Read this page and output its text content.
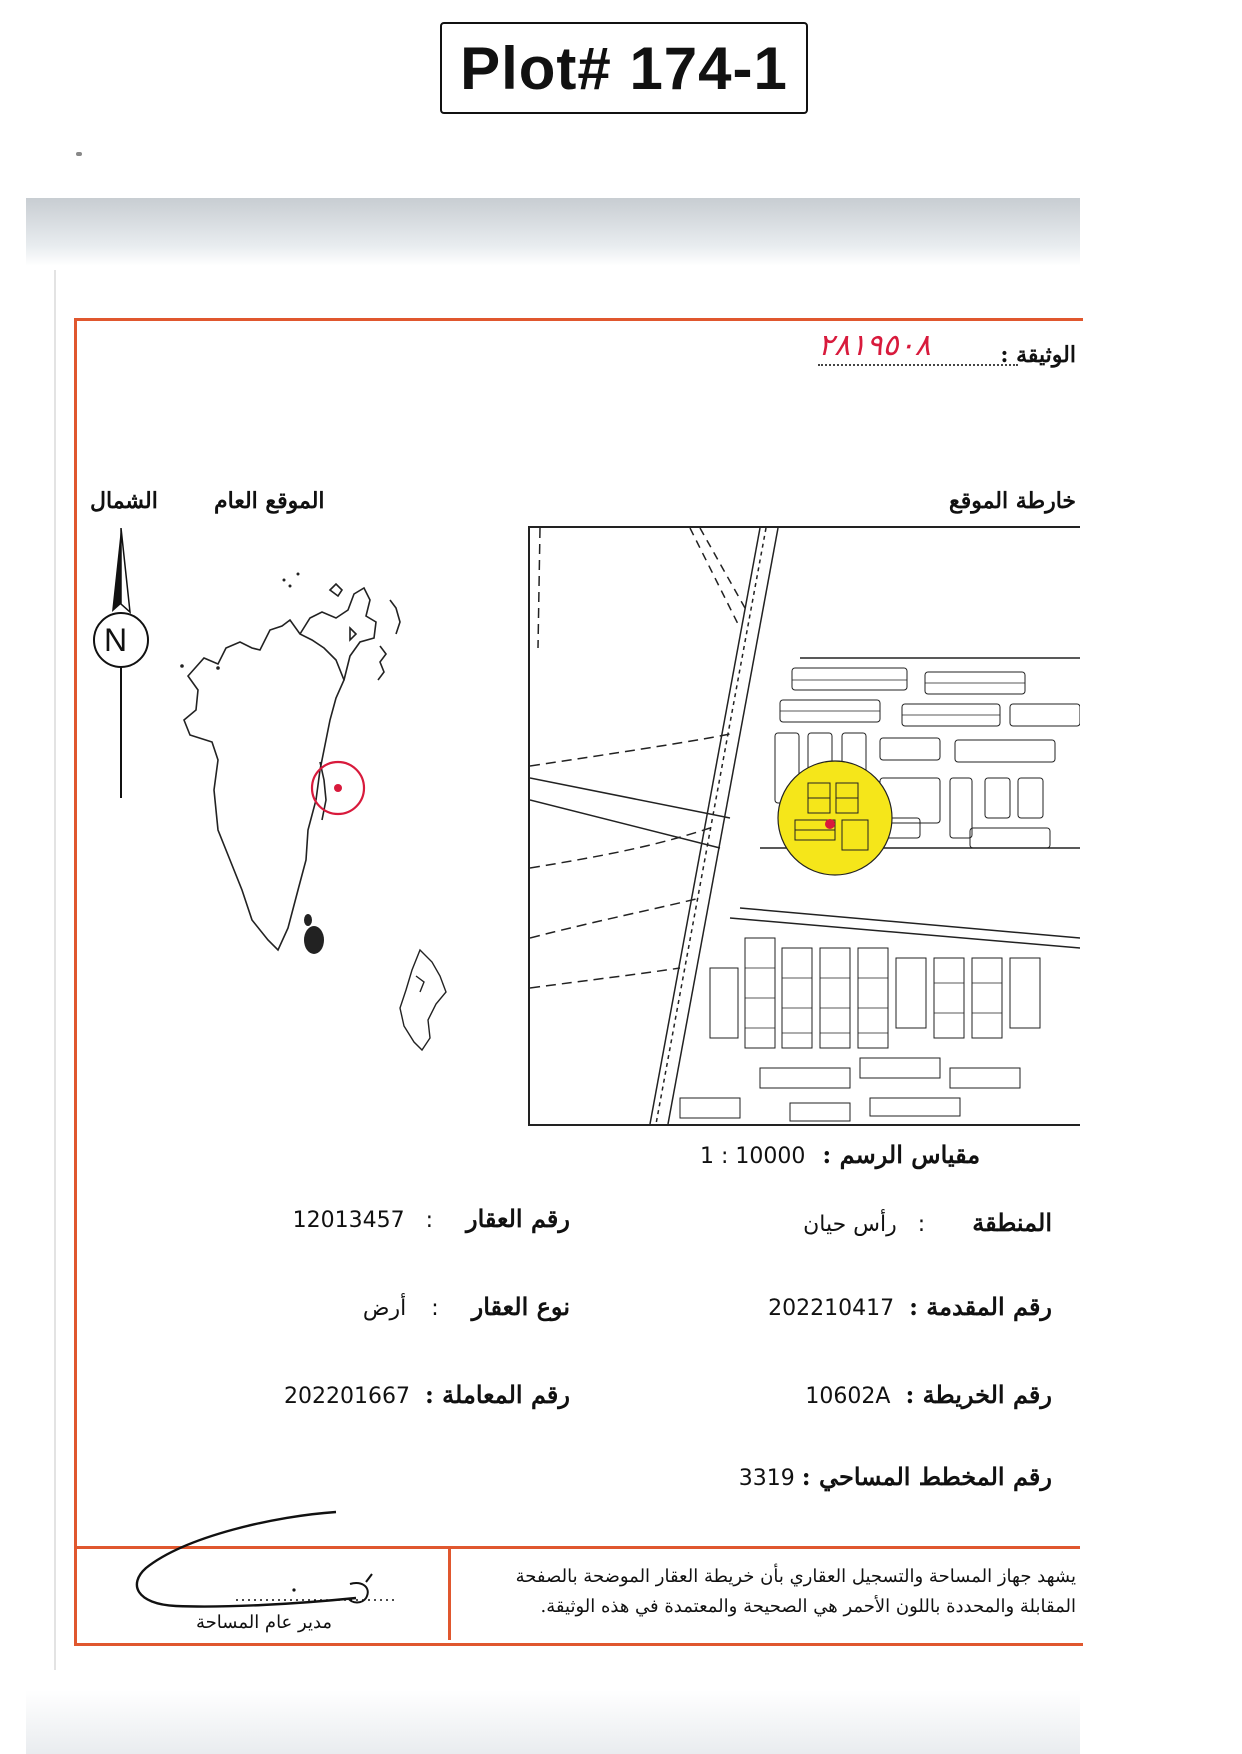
Plot# 174-1
الوثيقة :
٢٨١٩٥٠٨
خارطة الموقع
الموقع العام
الشمال
N
1 : 10000 مقياس الرسم :
المنطقة : رأس حيان
رقم المقدمة : 202210417
رقم الخريطة : 10602A
رقم المخطط المساحي : 3319
رقم العقار : 12013457
نوع العقار : أرض
رقم المعاملة : 202201667
يشهد جهاز المساحة والتسجيل العقاري بأن خريطة العقار الموضحة بالصفحة
المقابلة والمحددة باللون الأحمر هي الصحيحة والمعتمدة في هذه الوثيقة.
مدير عام المساحة
